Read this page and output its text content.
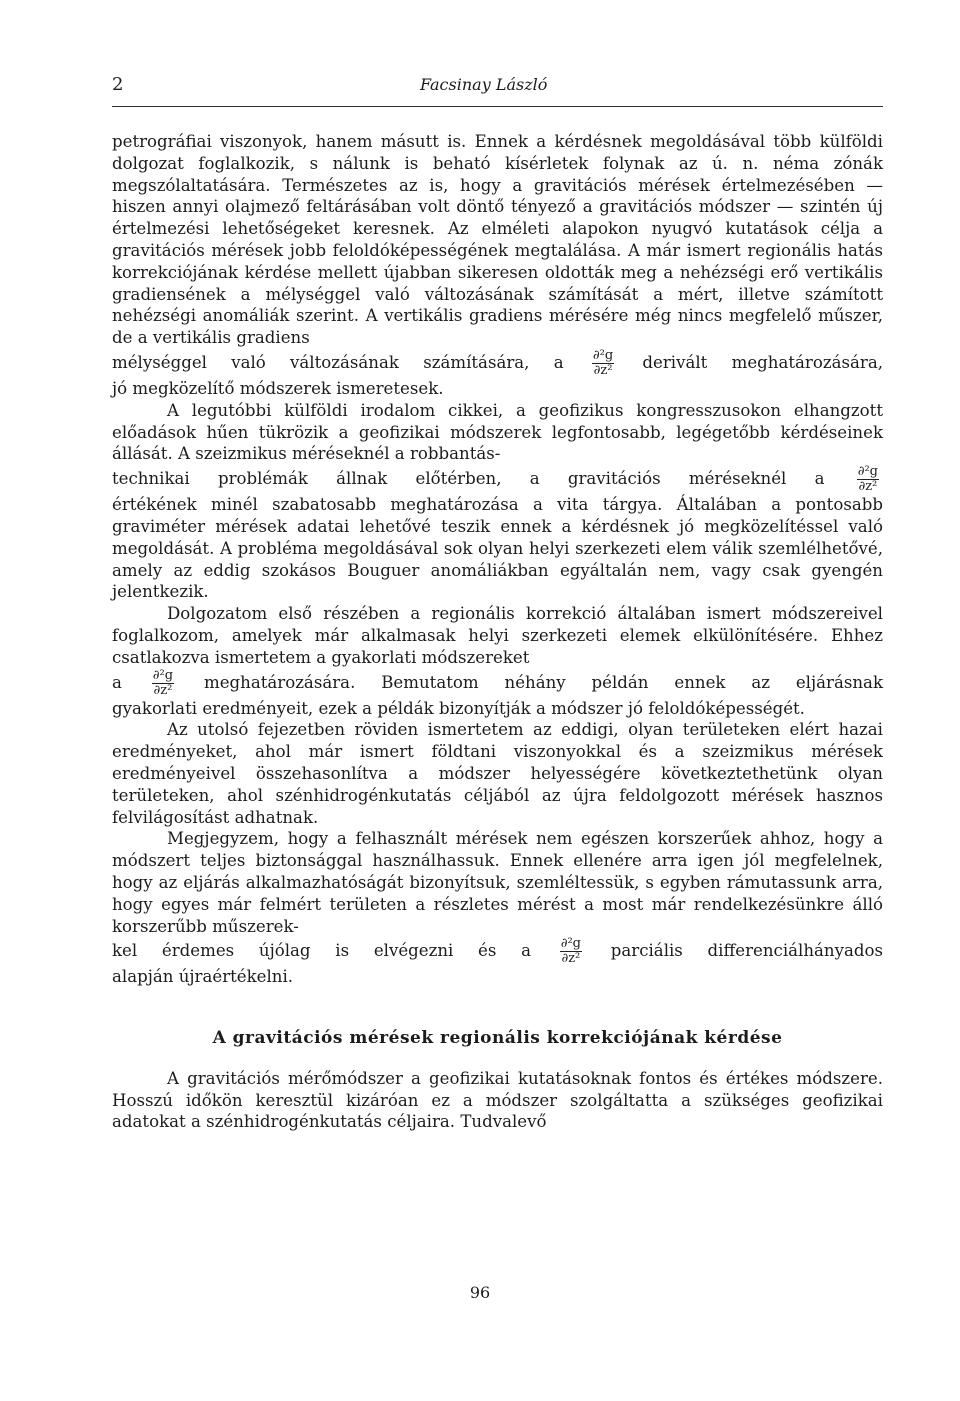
2	Facsinay László

petrográfiai viszonyok, hanem másutt is. Ennek a kérdésnek megoldásával több külföldi dolgozat foglalkozik, s nálunk is beható kísérletek folynak az ú. n. néma zónák megszólaltatására. Természetes az is, hogy a gravitációs mérések értelmezésében — hiszen annyi olajmező feltárásában volt döntő tényező a gravitációs módszer — szintén új értelmezési lehetőségeket keresnek. Az elméleti alapokon nyugvó kutatások célja a gravitációs mérések jobb feloldóképességének megtalálása. A már ismert regionális hatás korrekciójának kérdése mellett újabban sikeresen oldották meg a nehézségi erő vertikális gradiensének a mélységgel való változásának számítását a mért, illetve számított nehézségi anomáliák szerint. A vertikális gradiens mérésére még nincs megfelelő műszer, de a vertikális gradiens

mélységgel való változásának számítására, a $\frac{\text{∂²g}}{\text{∂z²}}$ derivált meghatározására,

jó megközelítő módszerek ismeretesek.

A legutóbbi külföldi irodalom cikkei, a geofizikus kongresszusokon elhangzott előadások hűen tükrözik a geofizikai módszerek legfontosabb, legégetőbb kérdéseinek állását. A szeizmikus méréseknél a robbantás-

technikai problémák állnak előtérben, a gravitációs méréseknél a $\frac{\text{∂²g}}{\text{∂z²}}$

értékének minél szabatosabb meghatározása a vita tárgya. Általában a pontosabb graviméter mérések adatai lehetővé teszik ennek a kérdésnek jó megközelítéssel való megoldását. A probléma megoldásával sok olyan helyi szerkezeti elem válik szemlélhetővé, amely az eddig szokásos Bouguer anomáliákban egyáltalán nem, vagy csak gyengén jelentkezik.

Dolgozatom első részében a regionális korrekció általában ismert módszereivel foglalkozom, amelyek már alkalmasak helyi szerkezeti elemek elkülönítésére. Ehhez csatlakozva ismertetem a gyakorlati módszereket

a $\frac{\text{∂²g}}{\text{∂z²}}$ meghatározására. Bemutatom néhány példán ennek az eljárásnak

gyakorlati eredményeit, ezek a példák bizonyítják a módszer jó feloldóképességét.

Az utolsó fejezetben röviden ismertetem az eddigi, olyan területeken elért hazai eredményeket, ahol már ismert földtani viszonyokkal és a szeizmikus mérések eredményeivel összehasonlítva a módszer helyességére következtethetünk olyan területeken, ahol szénhidrogénkutatás céljából az újra feldolgozott mérések hasznos felvilágosítást adhatnak.

Megjegyzem, hogy a felhasznált mérések nem egészen korszerűek ahhoz, hogy a módszert teljes biztonsággal használhassuk. Ennek ellenére arra igen jól megfelelnek, hogy az eljárás alkalmazhatóságát bizonyítsuk, szemléltessük, s egyben rámutassunk arra, hogy egyes már felmért területen a részletes mérést a most már rendelkezésünkre álló korszerűbb műszerek-

kel érdemes újólag is elvégezni és a $\frac{\text{∂²g}}{\text{∂z²}}$ parciális differenciálhányados

alapján újraértékelni.

A gravitációs mérések regionális korrekciójának kérdése

A gravitációs mérőmódszer a geofizikai kutatásoknak fontos és értékes módszere. Hosszú időkön keresztül kizáróan ez a módszer szolgáltatta a szükséges geofizikai adatokat a szénhidrogénkutatás céljaira. Tudvalevő

96
